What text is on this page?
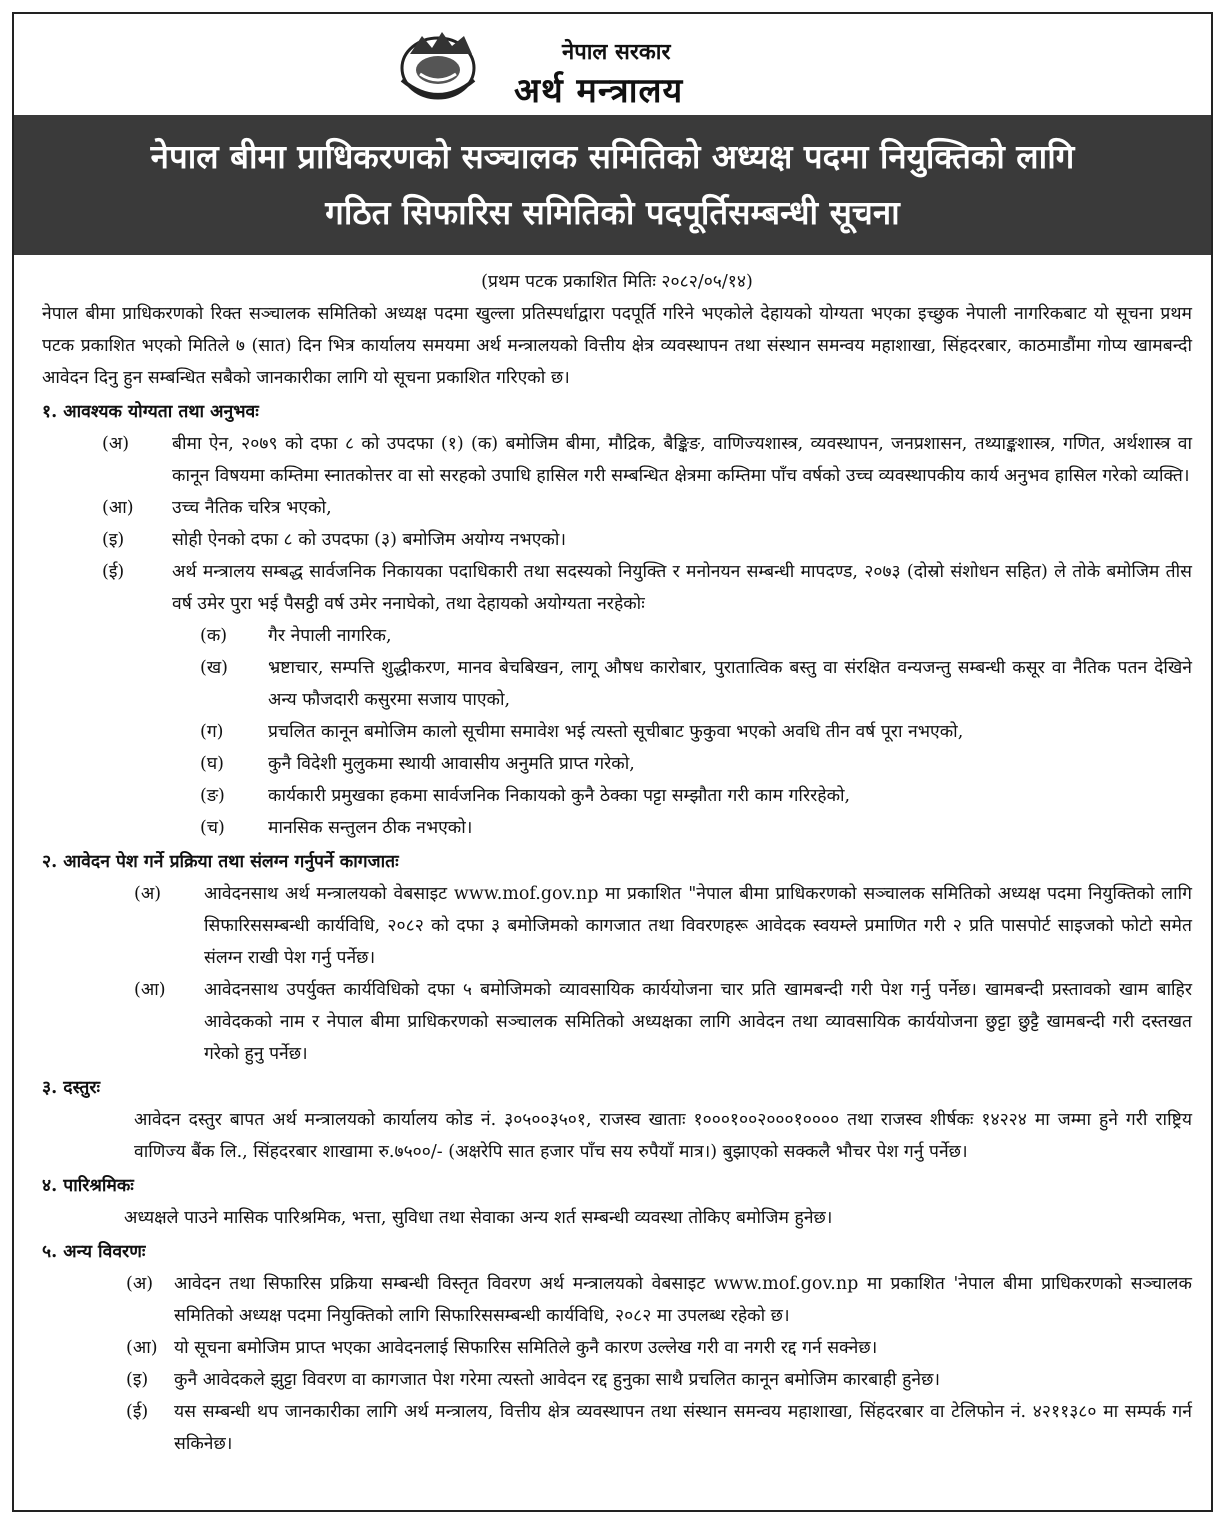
नेपाल सरकार
अर्थ मन्त्रालय
नेपाल बीमा प्राधिकरणको सञ्चालक समितिको अध्यक्ष पदमा नियुक्तिको लागि
गठित सिफारिस समितिको पदपूर्तिसम्बन्धी सूचना
(प्रथम पटक प्रकाशित मितिः २०८२/०५/१४)
नेपाल बीमा प्राधिकरणको रिक्त सञ्चालक समितिको अध्यक्ष पदमा खुल्ला प्रतिस्पर्धाद्वारा पदपूर्ति गरिने भएकोले देहायको योग्यता भएका इच्छुक नेपाली नागरिकबाट यो सूचना प्रथम पटक प्रकाशित भएको मितिले ७ (सात) दिन भित्र कार्यालय समयमा अर्थ मन्त्रालयको वित्तीय क्षेत्र व्यवस्थापन तथा संस्थान समन्वय महाशाखा, सिंहदरबार, काठमाडौंमा गोप्य खामबन्दी आवेदन दिनु हुन सम्बन्धित सबैको जानकारीका लागि यो सूचना प्रकाशित गरिएको छ।
१. आवश्यक योग्यता तथा अनुभवः
(अ)	बीमा ऐन, २०७९ को दफा ८ को उपदफा (१) (क) बमोजिम बीमा, मौद्रिक, बैङ्किङ, वाणिज्यशास्त्र, व्यवस्थापन, जनप्रशासन, तथ्याङ्कशास्त्र, गणित, अर्थशास्त्र वा कानून विषयमा कम्तिमा स्नातकोत्तर वा सो सरहको उपाधि हासिल गरी सम्बन्धित क्षेत्रमा कम्तिमा पाँच वर्षको उच्च व्यवस्थापकीय कार्य अनुभव हासिल गरेको व्यक्ति।
(आ)	उच्च नैतिक चरित्र भएको,
(इ)	सोही ऐनको दफा ८ को उपदफा (३) बमोजिम अयोग्य नभएको।
(ई)	अर्थ मन्त्रालय सम्बद्ध सार्वजनिक निकायका पदाधिकारी तथा सदस्यको नियुक्ति र मनोनयन सम्बन्धी मापदण्ड, २०७३ (दोस्रो संशोधन सहित) ले तोके बमोजिम तीस वर्ष उमेर पुरा भई पैसट्ठी वर्ष उमेर ननाघेको, तथा देहायको अयोग्यता नरहेकोः
(क)	गैर नेपाली नागरिक,
(ख)	भ्रष्टाचार, सम्पत्ति शुद्धीकरण, मानव बेचबिखन, लागू औषध कारोबार, पुरातात्विक बस्तु वा संरक्षित वन्यजन्तु सम्बन्धी कसूर वा नैतिक पतन देखिने अन्य फौजदारी कसुरमा सजाय पाएको,
(ग)	प्रचलित कानून बमोजिम कालो सूचीमा समावेश भई त्यस्तो सूचीबाट फुकुवा भएको अवधि तीन वर्ष पूरा नभएको,
(घ)	कुनै विदेशी मुलुकमा स्थायी आवासीय अनुमति प्राप्त गरेको,
(ङ)	कार्यकारी प्रमुखका हकमा सार्वजनिक निकायको कुनै ठेक्का पट्टा सम्झौता गरी काम गरिरहेको,
(च)	मानसिक सन्तुलन ठीक नभएको।
२. आवेदन पेश गर्ने प्रक्रिया तथा संलग्न गर्नुपर्ने कागजातः
(अ)	आवेदनसाथ अर्थ मन्त्रालयको वेबसाइट www.mof.gov.np मा प्रकाशित "नेपाल बीमा प्राधिकरणको सञ्चालक समितिको अध्यक्ष पदमा नियुक्तिको लागि सिफारिससम्बन्धी कार्यविधि, २०८२ को दफा ३ बमोजिमको कागजात तथा विवरणहरू आवेदक स्वयम्ले प्रमाणित गरी २ प्रति पासपोर्ट साइजको फोटो समेत संलग्न राखी पेश गर्नु पर्नेछ।
(आ)	आवेदनसाथ उपर्युक्त कार्यविधिको दफा ५ बमोजिमको व्यावसायिक कार्ययोजना चार प्रति खामबन्दी गरी पेश गर्नु पर्नेछ। खामबन्दी प्रस्तावको खाम बाहिर आवेदकको नाम र नेपाल बीमा प्राधिकरणको सञ्चालक समितिको अध्यक्षका लागि आवेदन तथा व्यावसायिक कार्ययोजना छुट्टा छुट्टै खामबन्दी गरी दस्तखत गरेको हुनु पर्नेछ।
३. दस्तुरः
आवेदन दस्तुर बापत अर्थ मन्त्रालयको कार्यालय कोड नं. ३०५००३५०१, राजस्व खाताः १०००१००२०००१०००० तथा राजस्व शीर्षकः १४२२४ मा जम्मा हुने गरी राष्ट्रिय वाणिज्य बैंक लि., सिंहदरबार शाखामा रु.७५००/- (अक्षरेपि सात हजार पाँच सय रुपैयाँ मात्र।) बुझाएको सक्कलै भौचर पेश गर्नु पर्नेछ।
४. पारिश्रमिकः
अध्यक्षले पाउने मासिक पारिश्रमिक, भत्ता, सुविधा तथा सेवाका अन्य शर्त सम्बन्धी व्यवस्था तोकिए बमोजिम हुनेछ।
५. अन्य विवरणः
(अ)	आवेदन तथा सिफारिस प्रक्रिया सम्बन्धी विस्तृत विवरण अर्थ मन्त्रालयको वेबसाइट www.mof.gov.np मा प्रकाशित 'नेपाल बीमा प्राधिकरणको सञ्चालक समितिको अध्यक्ष पदमा नियुक्तिको लागि सिफारिससम्बन्धी कार्यविधि, २०८२ मा उपलब्ध रहेको छ।
(आ) यो सूचना बमोजिम प्राप्त भएका आवेदनलाई सिफारिस समितिले कुनै कारण उल्लेख गरी वा नगरी रद्द गर्न सक्नेछ।
(इ)	कुनै आवेदकले झुट्टा विवरण वा कागजात पेश गरेमा त्यस्तो आवेदन रद्द हुनुका साथै प्रचलित कानून बमोजिम कारबाही हुनेछ।
(ई)	यस सम्बन्धी थप जानकारीका लागि अर्थ मन्त्रालय, वित्तीय क्षेत्र व्यवस्थापन तथा संस्थान समन्वय महाशाखा, सिंहदरबार वा टेलिफोन नं. ४२११३८० मा सम्पर्क गर्न सकिनेछ।
